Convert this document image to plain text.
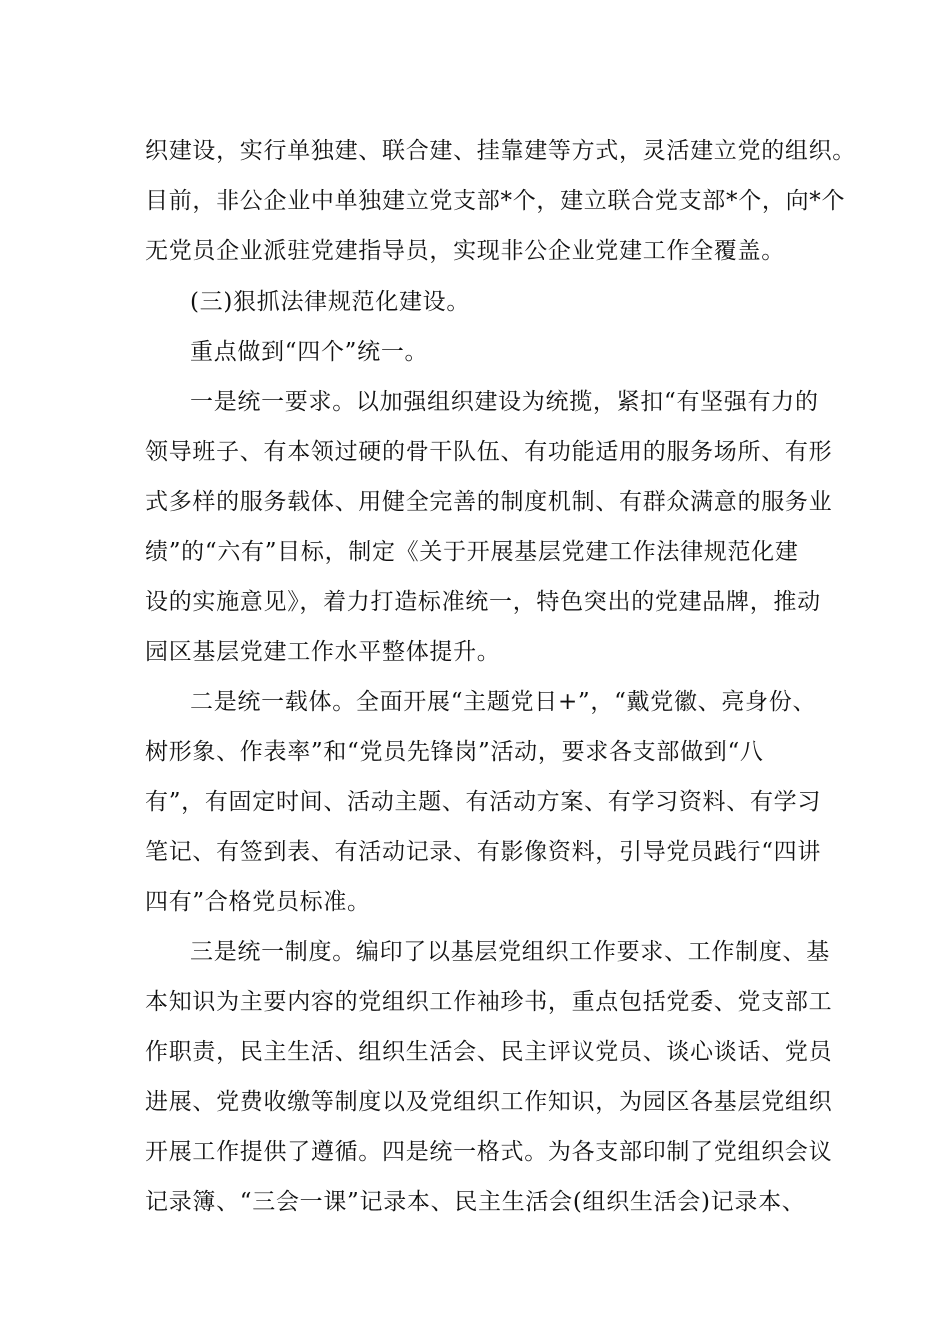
织建设，实行单独建、联合建、挂靠建等方式，灵活建立党的组织。
目前，非公企业中单独建立党支部*个，建立联合党支部*个，向*个
无党员企业派驻党建指导员，实现非公企业党建工作全覆盖。
(三)狠抓法律规范化建设。
重点做到“四个”统一。
一是统一要求。以加强组织建设为统揽，紧扣“有坚强有力的
领导班子、有本领过硬的骨干队伍、有功能适用的服务场所、有形
式多样的服务载体、用健全完善的制度机制、有群众满意的服务业
绩”的“六有”目标，制定《关于开展基层党建工作法律规范化建
设的实施意见》，着力打造标准统一，特色突出的党建品牌，推动
园区基层党建工作水平整体提升。
二是统一载体。全面开展“主题党日+”，“戴党徽、亮身份、
树形象、作表率”和“党员先锋岗”活动，要求各支部做到“八
有”，有固定时间、活动主题、有活动方案、有学习资料、有学习
笔记、有签到表、有活动记录、有影像资料，引导党员践行“四讲
四有”合格党员标准。
三是统一制度。编印了以基层党组织工作要求、工作制度、基
本知识为主要内容的党组织工作袖珍书，重点包括党委、党支部工
作职责，民主生活、组织生活会、民主评议党员、谈心谈话、党员
进展、党费收缴等制度以及党组织工作知识，为园区各基层党组织
开展工作提供了遵循。四是统一格式。为各支部印制了党组织会议
记录簿、“三会一课”记录本、民主生活会(组织生活会)记录本、
